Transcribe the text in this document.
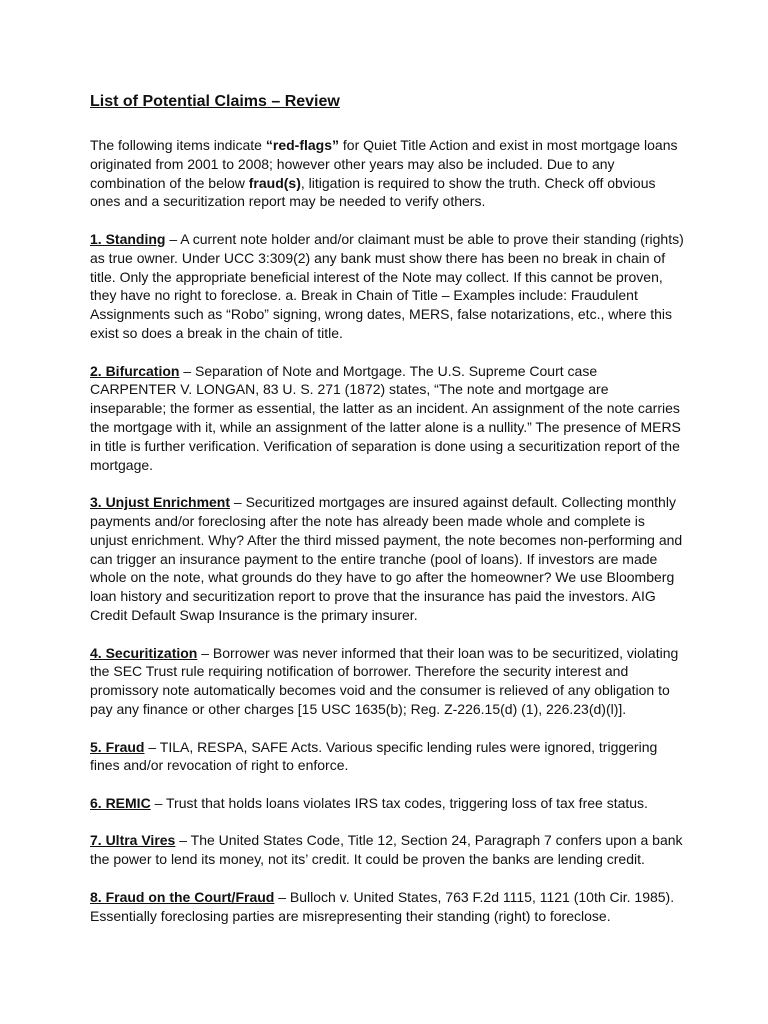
List of Potential Claims – Review

The following items indicate “red-flags” for Quiet Title Action and exist in most mortgage loans originated from 2001 to 2008; however other years may also be included. Due to any combination of the below fraud(s), litigation is required to show the truth. Check off obvious ones and a securitization report may be needed to verify others.

1. Standing – A current note holder and/or claimant must be able to prove their standing (rights) as true owner. Under UCC 3:309(2) any bank must show there has been no break in chain of title. Only the appropriate beneficial interest of the Note may collect. If this cannot be proven, they have no right to foreclose. a. Break in Chain of Title – Examples include: Fraudulent Assignments such as “Robo” signing, wrong dates, MERS, false notarizations, etc., where this exist so does a break in the chain of title.

2. Bifurcation – Separation of Note and Mortgage. The U.S. Supreme Court case CARPENTER V. LONGAN, 83 U. S. 271 (1872) states, “The note and mortgage are inseparable; the former as essential, the latter as an incident. An assignment of the note carries the mortgage with it, while an assignment of the latter alone is a nullity.” The presence of MERS in title is further verification. Verification of separation is done using a securitization report of the mortgage.

3. Unjust Enrichment – Securitized mortgages are insured against default. Collecting monthly payments and/or foreclosing after the note has already been made whole and complete is unjust enrichment. Why? After the third missed payment, the note becomes non-performing and can trigger an insurance payment to the entire tranche (pool of loans). If investors are made whole on the note, what grounds do they have to go after the homeowner? We use Bloomberg loan history and securitization report to prove that the insurance has paid the investors. AIG Credit Default Swap Insurance is the primary insurer.

4. Securitization – Borrower was never informed that their loan was to be securitized, violating the SEC Trust rule requiring notification of borrower. Therefore the security interest and promissory note automatically becomes void and the consumer is relieved of any obligation to pay any finance or other charges [15 USC 1635(b); Reg. Z-226.15(d) (1), 226.23(d)(l)].

5. Fraud – TILA, RESPA, SAFE Acts. Various specific lending rules were ignored, triggering fines and/or revocation of right to enforce.

6. REMIC – Trust that holds loans violates IRS tax codes, triggering loss of tax free status.

7. Ultra Vires – The United States Code, Title 12, Section 24, Paragraph 7 confers upon a bank the power to lend its money, not its’ credit. It could be proven the banks are lending credit.

8. Fraud on the Court/Fraud – Bulloch v. United States, 763 F.2d 1115, 1121 (10th Cir. 1985). Essentially foreclosing parties are misrepresenting their standing (right) to foreclose.
